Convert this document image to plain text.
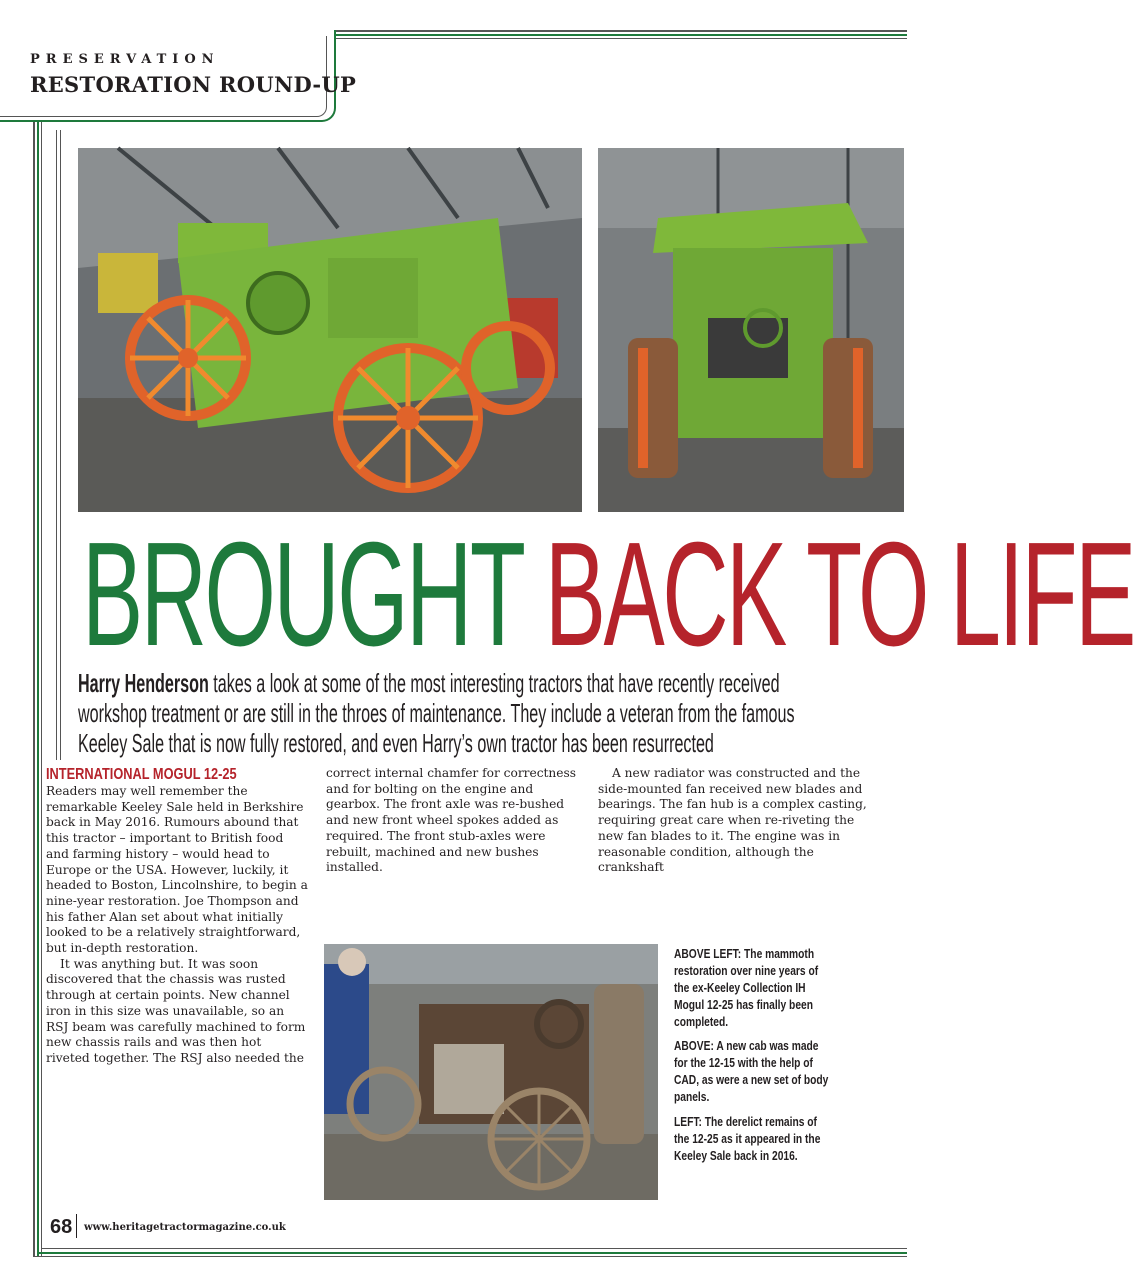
PRESERVATION
RESTORATION ROUND-UP
BROUGHT BACK TO LIFE
Harry Henderson takes a look at some of the most interesting tractors that have recently received workshop treatment or are still in the throes of maintenance. They include a veteran from the famous Keeley Sale that is now fully restored, and even Harry’s own tractor has been resurrected
INTERNATIONAL MOGUL 12-25

Readers may well remember the remarkable Keeley Sale held in Berkshire back in May 2016. Rumours abound that this tractor – important to British food and farming history – would head to Europe or the USA. However, luckily, it headed to Boston, Lincolnshire, to begin a nine-year restoration. Joe Thompson and his father Alan set about what initially looked to be a relatively straightforward, but in-depth restoration.

It was anything but. It was soon discovered that the chassis was rusted through at certain points. New channel iron in this size was unavailable, so an RSJ beam was carefully machined to form new chassis rails and was then hot riveted together. The RSJ also needed the

correct internal chamfer for correctness and for bolting on the engine and gearbox. The front axle was re-bushed and new front wheel spokes added as required. The front stub-axles were rebuilt, machined and new bushes installed.

A new radiator was constructed and the side-mounted fan received new blades and bearings. The fan hub is a complex casting, requiring great care when re-riveting the new fan blades to it. The engine was in reasonable condition, although the crankshaft

ABOVE LEFT: The mammoth restoration over nine years of the ex-Keeley Collection IH Mogul 12-25 has finally been completed.
ABOVE: A new cab was made for the 12-15 with the help of CAD, as were a new set of body panels.
LEFT: The derelict remains of the 12-25 as it appeared in the Keeley Sale back in 2016.
68 www.heritagetractormagazine.co.uk
